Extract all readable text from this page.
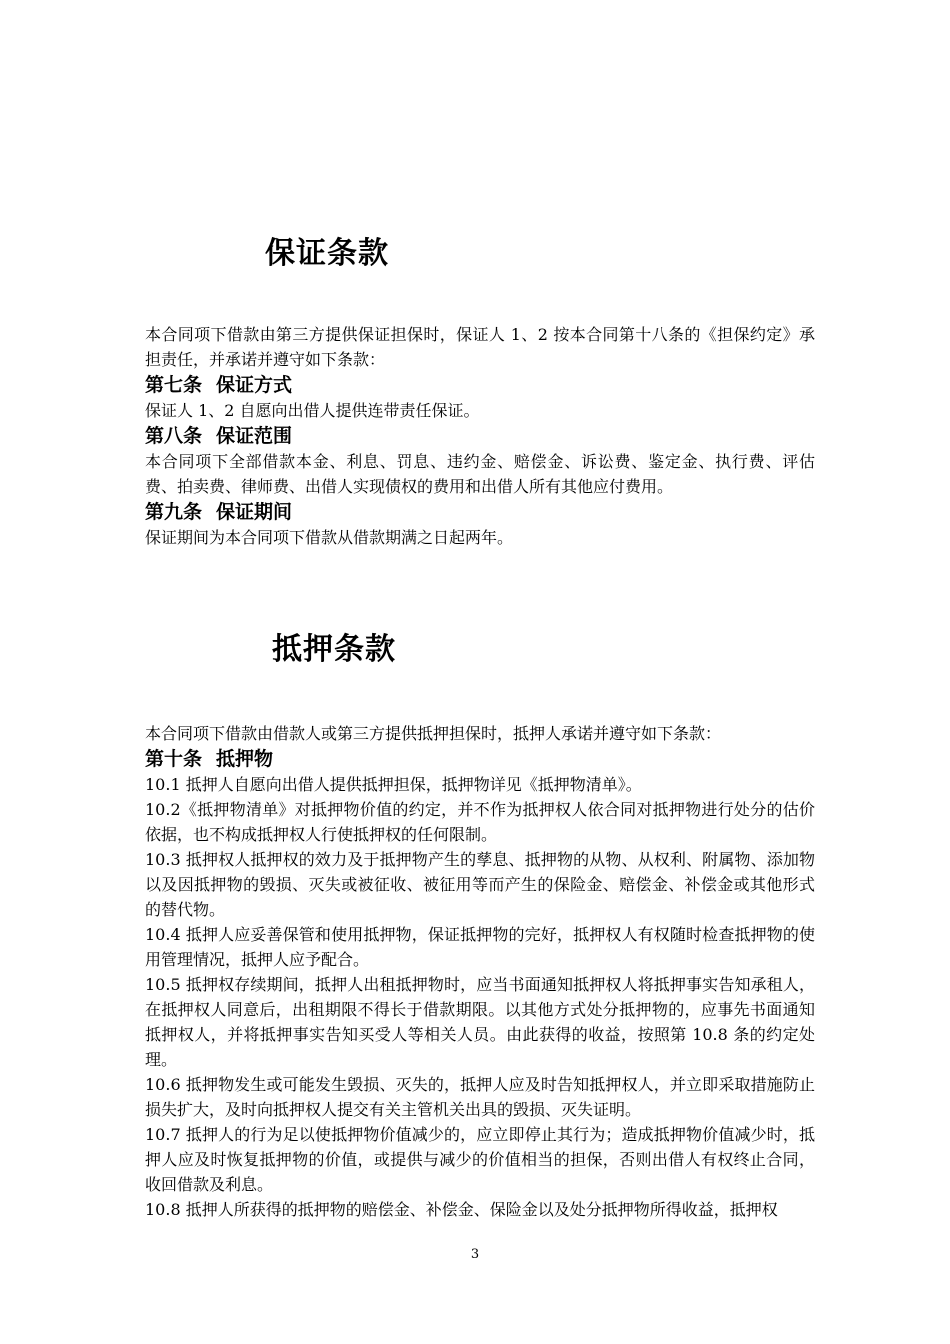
保证条款

本合同项下借款由第三方提供保证担保时，保证人 1、2 按本合同第十八条的《担保约定》承担责任，并承诺并遵守如下条款：

第七条 保证方式

保证人 1、2 自愿向出借人提供连带责任保证。

第八条 保证范围

本合同项下全部借款本金、利息、罚息、违约金、赔偿金、诉讼费、鉴定金、执行费、评估费、拍卖费、律师费、出借人实现债权的费用和出借人所有其他应付费用。

第九条 保证期间

保证期间为本合同项下借款从借款期满之日起两年。

抵押条款

本合同项下借款由借款人或第三方提供抵押担保时，抵押人承诺并遵守如下条款：

第十条 抵押物

10.1 抵押人自愿向出借人提供抵押担保，抵押物详见《抵押物清单》。

10.2《抵押物清单》对抵押物价值的约定，并不作为抵押权人依合同对抵押物进行处分的估价依据，也不构成抵押权人行使抵押权的任何限制。

10.3 抵押权人抵押权的效力及于抵押物产生的孳息、抵押物的从物、从权利、附属物、添加物以及因抵押物的毁损、灭失或被征收、被征用等而产生的保险金、赔偿金、补偿金或其他形式的替代物。

10.4 抵押人应妥善保管和使用抵押物，保证抵押物的完好，抵押权人有权随时检查抵押物的使用管理情况，抵押人应予配合。

10.5 抵押权存续期间，抵押人出租抵押物时，应当书面通知抵押权人将抵押事实告知承租人，在抵押权人同意后，出租期限不得长于借款期限。以其他方式处分抵押物的，应事先书面通知抵押权人，并将抵押事实告知买受人等相关人员。由此获得的收益，按照第 10.8 条的约定处理。

10.6 抵押物发生或可能发生毁损、灭失的，抵押人应及时告知抵押权人，并立即采取措施防止损失扩大，及时向抵押权人提交有关主管机关出具的毁损、灭失证明。

10.7 抵押人的行为足以使抵押物价值减少的，应立即停止其行为；造成抵押物价值减少时，抵押人应及时恢复抵押物的价值，或提供与减少的价值相当的担保，否则出借人有权终止合同，收回借款及利息。

10.8 抵押人所获得的抵押物的赔偿金、补偿金、保险金以及处分抵押物所得收益，抵押权

3
